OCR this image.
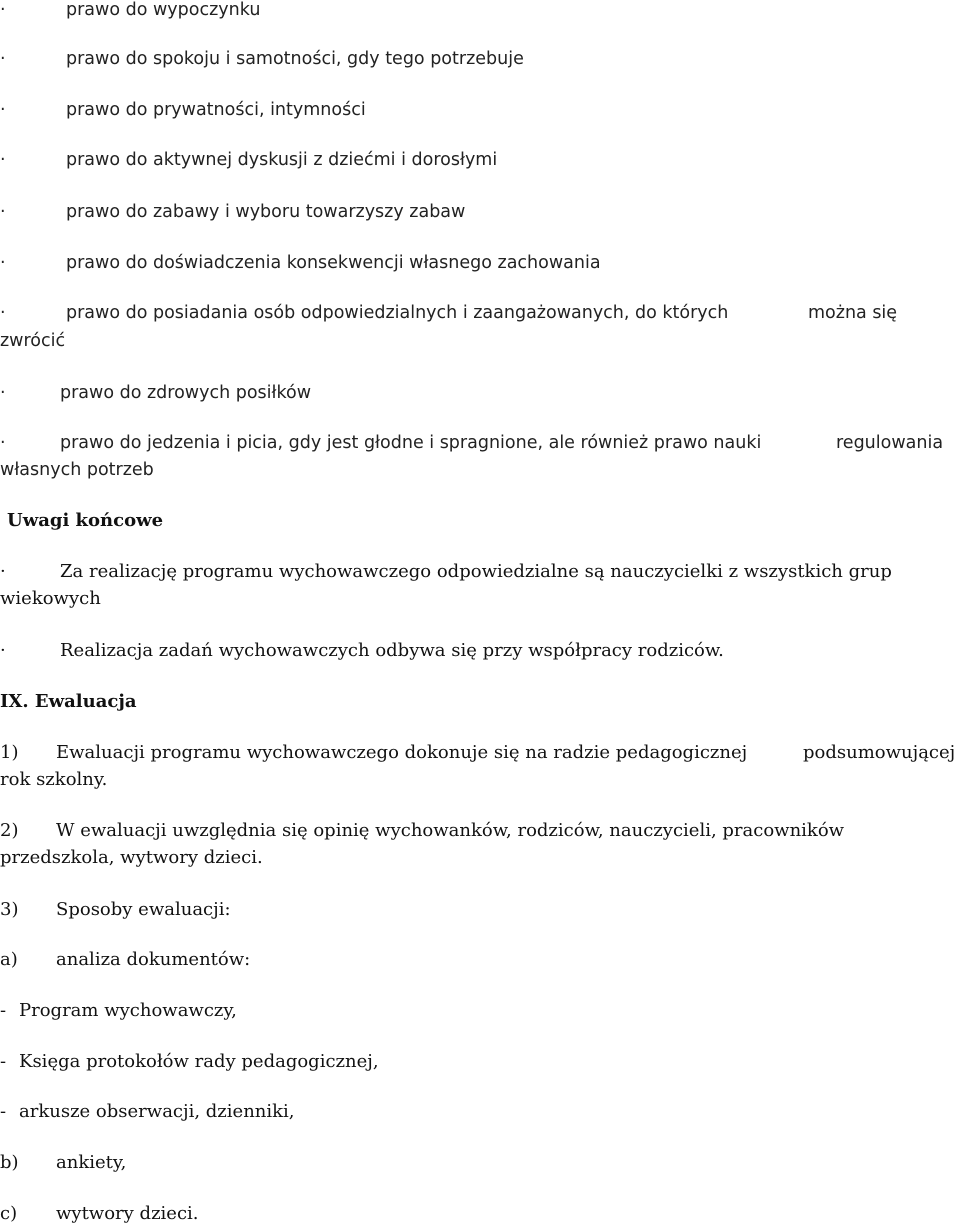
·	prawo do wypoczynku
·	prawo do spokoju i samotności, gdy tego potrzebuje
·	prawo do prywatności, intymności
·	prawo do aktywnej dyskusji z dziećmi i dorosłymi
·	prawo do zabawy i wyboru towarzyszy zabaw
·	prawo do doświadczenia konsekwencji własnego zachowania
·	prawo do posiadania osób odpowiedzialnych i zaangażowanych, do których	można się
zwrócić
·	prawo do zdrowych posiłków
·	prawo do jedzenia i picia, gdy jest głodne i spragnione, ale również prawo nauki	regulowania
własnych potrzeb
Uwagi końcowe
·	Za realizację programu wychowawczego odpowiedzialne są nauczycielki z wszystkich grup
wiekowych
·	Realizacja zadań wychowawczych odbywa się przy współpracy rodziców.
IX. Ewaluacja
1) Ewaluacji programu wychowawczego dokonuje się na radzie pedagogicznej	podsumowującej
rok szkolny.
2) W ewaluacji uwzględnia się opinię wychowanków, rodziców, nauczycieli, pracowników
przedszkola, wytwory dzieci.
3) Sposoby ewaluacji:
a) analiza dokumentów:
- Program wychowawczy,
- Księga protokołów rady pedagogicznej,
- arkusze obserwacji, dzienniki,
b) ankiety,
c) wytwory dzieci.
